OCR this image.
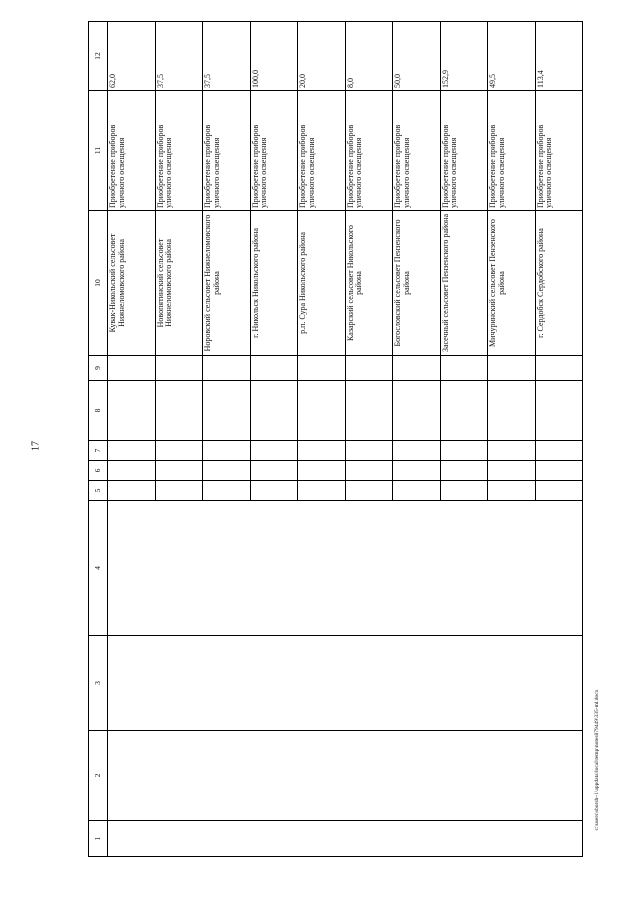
17
1	2	3	4	5	6	7	8	9	10	11	12
									Кувак-Никольский сельсовет Нижнеломовского района	Приобретение приборов уличного освещения	62,0
									Новопятинский сельсовет Нижнеломовского района	Приобретение приборов уличного освещения	37,5
									Норовский сельсовет Нижнеломовского района	Приобретение приборов уличного освещения	37,5
									г. Никольск Никольского района	Приобретение приборов уличного освещения	100,0
									р.п. Сура Никольского района	Приобретение приборов уличного освещения	20,0
									Казарский сельсовет Никольского района	Приобретение приборов уличного освещения	8,0
									Богословский сельсовет Пензенского района	Приобретение приборов уличного освещения	50,0
									Засечный сельсовет Пензенского района	Приобретение приборов уличного освещения	152,9
									Мичуринский сельсовет Пензенского района	Приобретение приборов уличного освещения	49,5
									г. Сердобск Сердобского района	Приобретение приборов уличного освещения	113,4
c:\users\sborsh~1\appdata\local\temp\notes879449\335-ml.docx
